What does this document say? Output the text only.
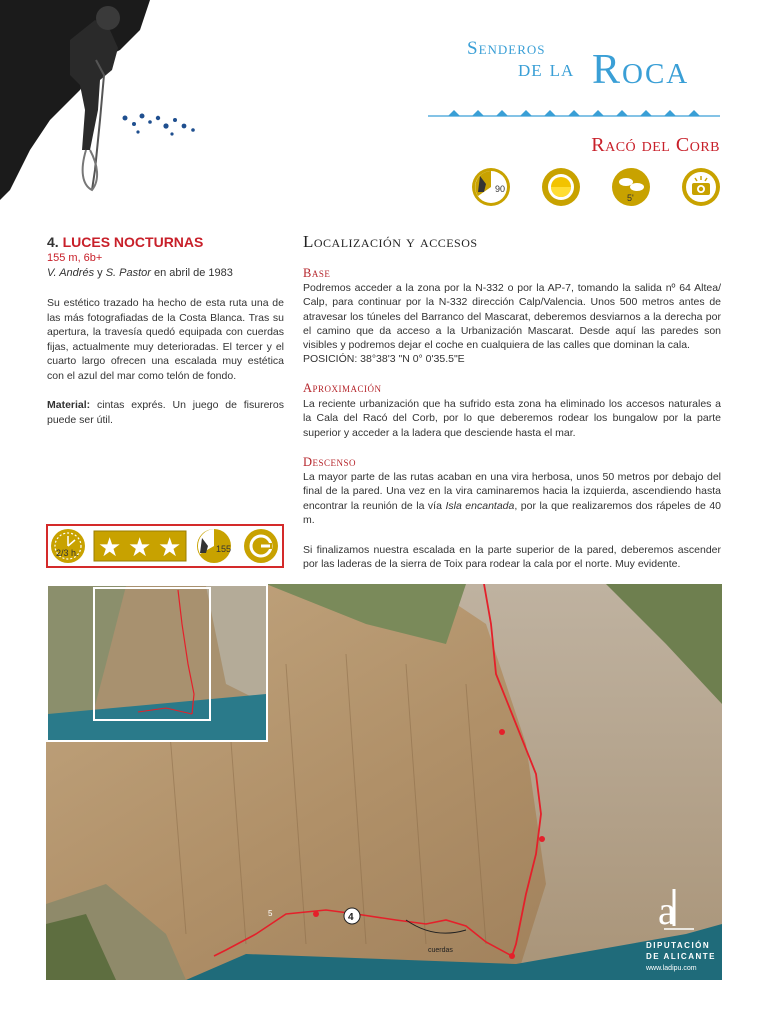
Senderos
de la Roca
Racó del Corb
90
5'
4. LUCES NOCTURNAS
155 m, 6b+
V. Andrés y S. Pastor en abril de 1983
Su estético trazado ha hecho de esta ruta una de las más fotografiadas de la Costa Blanca. Tras su apertura, la travesía quedó equipada con cuerdas fijas, actualmente muy deterioradas. El tercer y el cuarto largo ofrecen una escalada muy estética con el azul del mar como telón de fondo.
Material: cintas exprés. Un juego de fisureros puede ser útil.
2/3 h. ★ ★ ★	155
Localización y accesos
Base
Podremos acceder a la zona por la N-332 o por la AP-7, tomando la salida nº 64 Altea/ Calp, para continuar por la N-332 dirección Calp/Valencia. Unos 500 metros antes de atravesar los túneles del Barranco del Mascarat, deberemos desviarnos a la derecha por el camino que da acceso a la Urbanización Mascarat. Desde aquí las paredes son visibles y podremos dejar el coche en cualquiera de las calles que dominan la cala.
POSICIÓN: 38°38'3 "N 0° 0'35.5"E
Aproximación
La reciente urbanización que ha sufrido esta zona ha eliminado los accesos naturales a la Cala del Racó del Corb, por lo que deberemos rodear los bungalow por la parte superior y acceder a la ladera que desciende hasta el mar.
Descenso
La mayor parte de las rutas acaban en una vira herbosa, unos 50 metros por debajo del final de la pared. Una vez en la vira caminaremos hacia la izquierda, ascendiendo hasta encontrar la reunión de la vía Isla encantada, por la que realizaremos dos rápeles de 40 m.
Si finalizamos nuestra escalada en la parte superior de la pared, deberemos ascender por las laderas de la sierra de Toix para rodear la cala por el norte. Muy evidente.
4
cuerdas
5	a
DIPUTACIÓN
DE ALICANTE
www.ladipu.com
